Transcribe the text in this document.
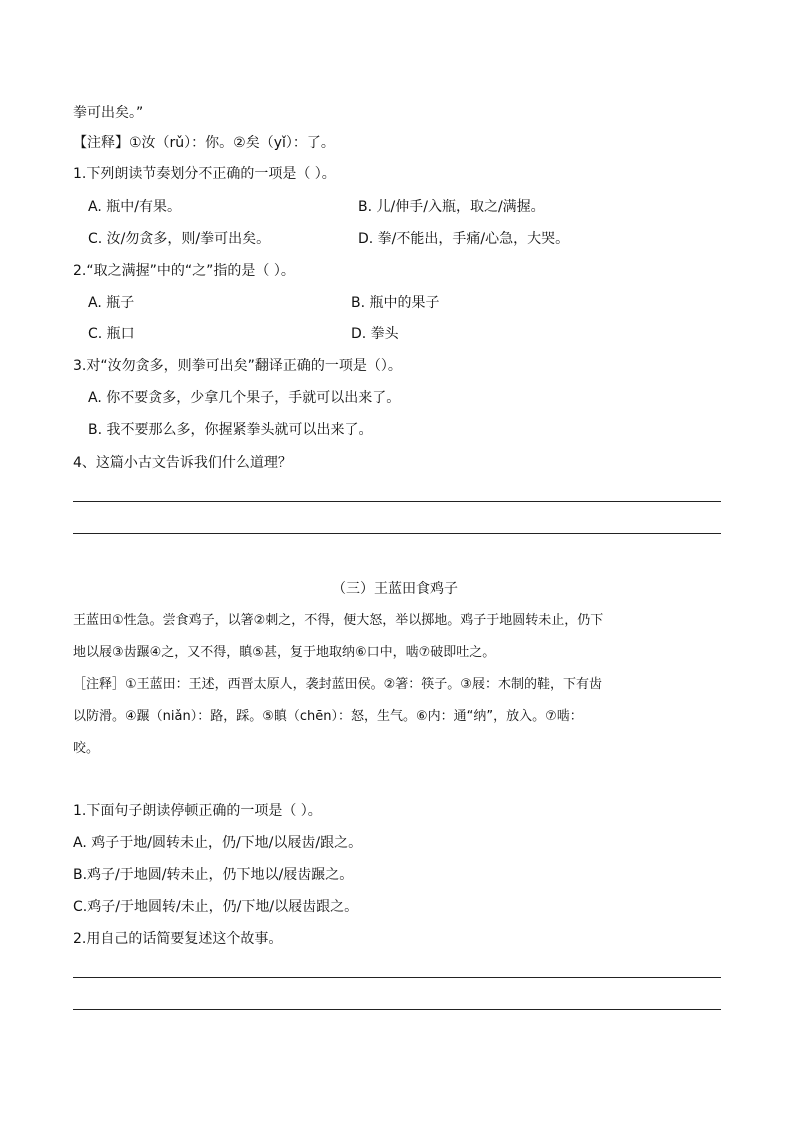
拳可出矣。”
【注释】①汝（rǔ）：你。②矣（yǐ）：了。
1.下列朗读节奏划分不正确的一项是（ ）。
A. 瓶中/有果。	B. 儿/伸手/入瓶，取之/满握。
C. 汝/勿贪多，则/拳可出矣。	D. 拳/不能出，手痛/心急，大哭。
2.“取之满握”中的“之”指的是（ ）。
A. 瓶子	B. 瓶中的果子
C. 瓶口	D. 拳头
3.对“汝勿贪多，则拳可出矣”翻译正确的一项是（）。
A. 你不要贪多，少拿几个果子，手就可以出来了。
B. 我不要那么多，你握紧拳头就可以出来了。
4、这篇小古文告诉我们什么道理？
（三）王蓝田食鸡子
王蓝田①性急。尝食鸡子，以箸②刺之，不得，便大怒，举以掷地。鸡子于地圆转未止，仍下
地以屐③齿蹍④之，又不得，瞋⑤甚，复于地取纳⑥口中，啮⑦破即吐之。
［注释］①王蓝田：王述，西晋太原人，袭封蓝田侯。②箸：筷子。③屐：木制的鞋，下有齿
以防滑。④蹍（niǎn）：路，踩。⑤瞋（chēn）：怒，生气。⑥内：通“纳”，放入。⑦啮：
咬。
1.下面句子朗读停顿正确的一项是（ ）。
A. 鸡子于地/圆转未止，仍/下地/以屐齿/跟之。
B.鸡子/于地圆/转未止，仍下地以/屐齿蹍之。
C.鸡子/于地圆转/未止，仍/下地/以屐齿跟之。
2.用自己的话简要复述这个故事。
